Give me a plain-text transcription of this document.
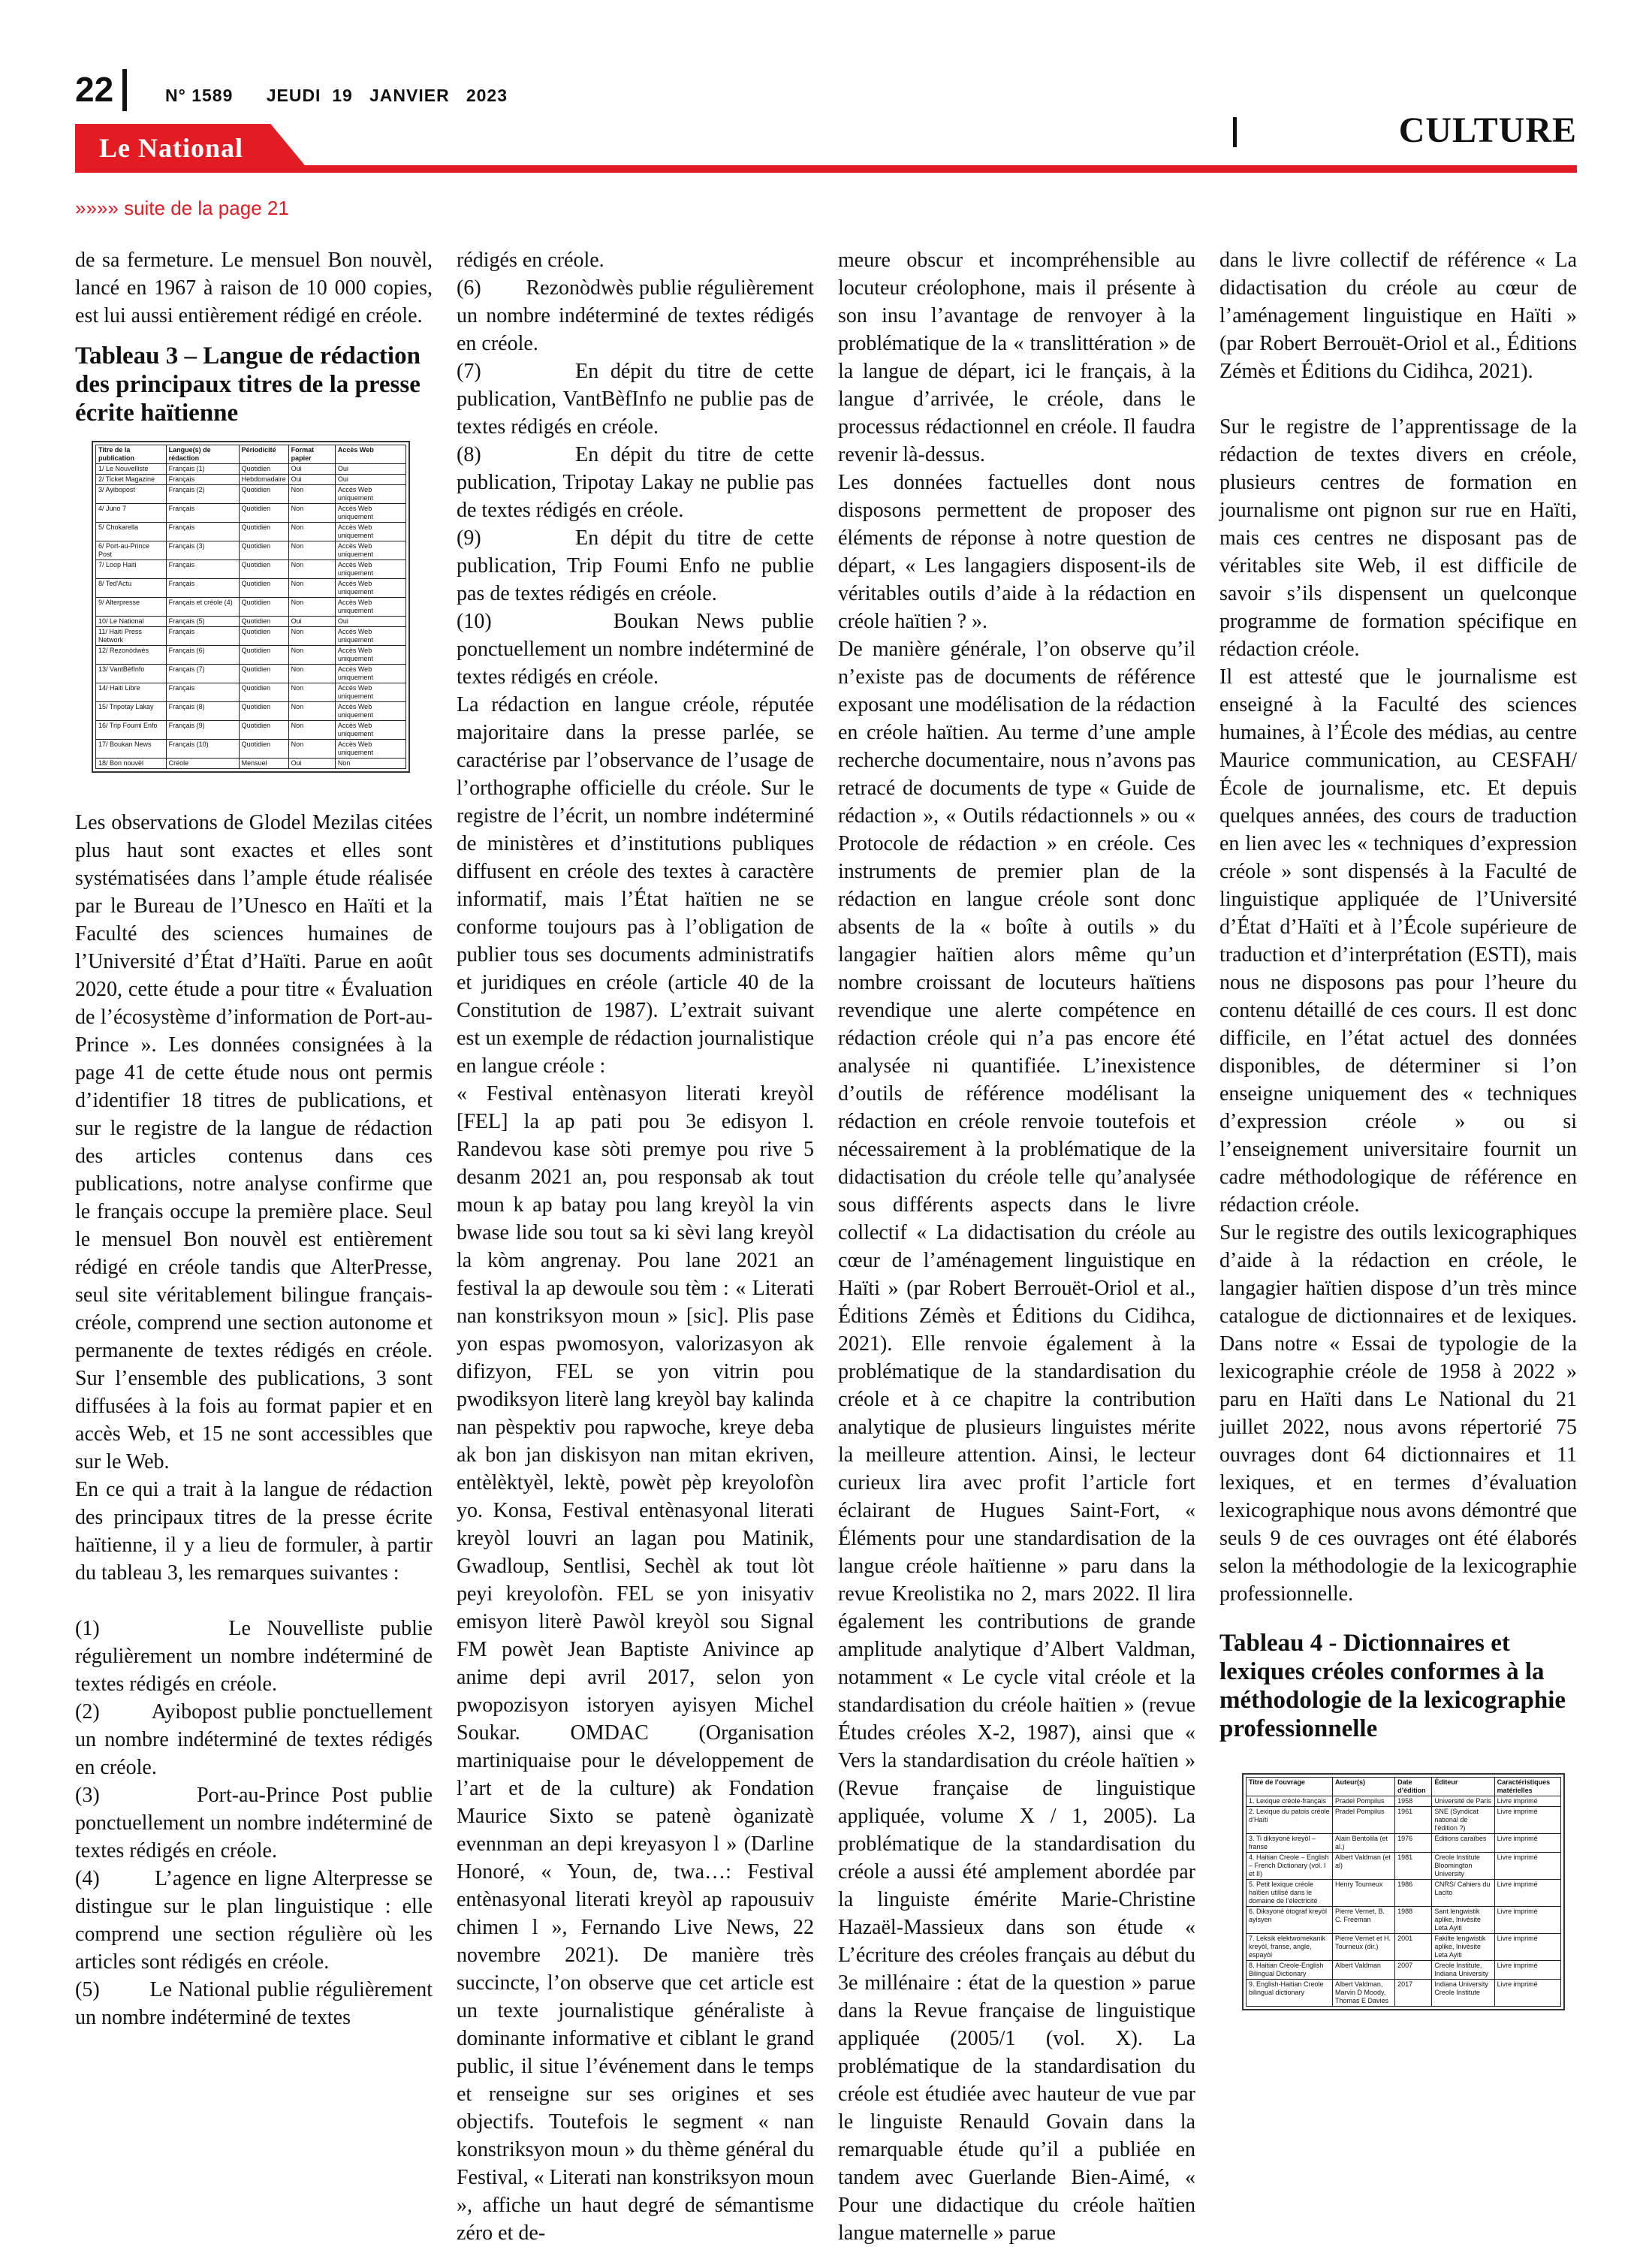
22	N° 1589      JEUDI  19   JANVIER   2023
Le National	CULTURE
»»»» suite de la page 21

de sa fermeture. Le mensuel Bon nouvèl, lancé en 1967 à raison de 10 000 copies, est lui aussi entièrement rédigé en créole.

Tableau 3 – Langue de rédaction des principaux titres de la presse écrite haïtienne

Titre de la publication	Langue(s) de rédaction	Périodicité	Format papier	Accès Web
1/ Le Nouvelliste	Français (1)	Quotidien	Oui	Oui
2/ Ticket Magazine	Français	Hebdomadaire	Oui	Oui
3/ Ayibopost	Français (2)	Quotidien	Non	Accès Web uniquement
4/ Juno 7	Français	Quotidien	Non	Accès Web uniquement
5/ Chokarella	Français	Quotidien	Non	Accès Web uniquement
6/ Port-au-Prince Post	Français (3)	Quotidien	Non	Accès Web uniquement
7/ Loop Haiti	Français	Quotidien	Non	Accès Web uniquement
8/ Ted'Actu	Français	Quotidien	Non	Accès Web uniquement
9/ Alterpresse	Français et créole (4)	Quotidien	Non	Accès Web uniquement
10/ Le National	Français (5)	Quotidien	Oui	Oui
11/ Haiti Press Network	Français	Quotidien	Non	Accès Web uniquement
12/ Rezonòdwès	Français (6)	Quotidien	Non	Accès Web uniquement
13/ VantBèfInfo	Français (7)	Quotidien	Non	Accès Web uniquement
14/ Haiti Libre	Français	Quotidien	Non	Accès Web uniquement
15/ Tripotay Lakay	Français (8)	Quotidien	Non	Accès Web uniquement
16/ Trip Foumi Enfo	Français (9)	Quotidien	Non	Accès Web uniquement
17/ Boukan News	Français (10)	Quotidien	Non	Accès Web uniquement
18/ Bon nouvèl	Créole	Mensuel	Oui	Non

Les observations de Glodel Mezilas citées plus haut sont exactes et elles sont systématisées dans l’ample étude réalisée par le Bureau de l’Unesco en Haïti et la Faculté des sciences humaines de l’Université d’État d’Haïti. Parue en août 2020, cette étude a pour titre « Évaluation de l’écosystème d’information de Port-au-Prince ». Les données consignées à la page 41 de cette étude nous ont permis d’identifier 18 titres de publications, et sur le registre de la langue de rédaction des articles contenus dans ces publications, notre analyse confirme que le français occupe la première place. Seul le mensuel Bon nouvèl est entièrement rédigé en créole tandis que AlterPresse, seul site véritablement bilingue français-créole, comprend une section autonome et permanente de textes rédigés en créole. Sur l’ensemble des publications, 3 sont diffusées à la fois au format papier et en accès Web, et 15 ne sont accessibles que sur le Web.

En ce qui a trait à la langue de rédaction des principaux titres de la presse écrite haïtienne, il y a lieu de formuler, à partir du tableau 3, les remarques suivantes :

(1)        Le Nouvelliste publie régulièrement un nombre indéterminé de textes rédigés en créole.

(2)        Ayibopost publie ponctuellement un nombre indéterminé de textes rédigés en créole.

(3)        Port-au-Prince Post publie ponctuellement un nombre indéterminé de textes rédigés en créole.

(4)        L’agence en ligne Alterpresse se distingue sur le plan linguistique : elle comprend une section régulière où les articles sont rédigés en créole.

(5)        Le National publie régulièrement un nombre indéterminé de textes

rédigés en créole.

(6)        Rezonòdwès publie régulièrement un nombre indéterminé de textes rédigés en créole.

(7)        En dépit du titre de cette publication, VantBèfInfo ne publie pas de textes rédigés en créole.

(8)        En dépit du titre de cette publication, Tripotay Lakay ne publie pas de textes rédigés en créole.

(9)        En dépit du titre de cette publication, Trip Foumi Enfo ne publie pas de textes rédigés en créole.

(10)       Boukan News publie ponctuellement un nombre indéterminé de textes rédigés en créole.

La rédaction en langue créole, réputée majoritaire dans la presse parlée, se caractérise par l’observance de l’usage de l’orthographe officielle du créole. Sur le registre de l’écrit, un nombre indéterminé de ministères et d’institutions publiques diffusent en créole des textes à caractère informatif, mais l’État haïtien ne se conforme toujours pas à l’obligation de publier tous ses documents administratifs et juridiques en créole (article 40 de la Constitution de 1987). L’extrait suivant est un exemple de rédaction journalistique en langue créole :

« Festival entènasyon literati kreyòl [FEL] la ap pati pou 3e edisyon l. Randevou kase sòti premye pou rive 5 desanm 2021 an, pou responsab ak tout moun k ap batay pou lang kreyòl la vin bwase lide sou tout sa ki sèvi lang kreyòl la kòm angrenay. Pou lane 2021 an festival la ap dewoule sou tèm : « Literati nan konstriksyon moun » [sic]. Plis pase yon espas pwomosyon, valorizasyon ak difizyon, FEL se yon vitrin pou pwodiksyon literè lang kreyòl bay kalinda nan pèspektiv pou rapwoche, kreye deba ak bon jan diskisyon nan mitan ekriven, entèlèktyèl, lektè, powèt pèp kreyolofòn yo. Konsa, Festival entènasyonal literati kreyòl louvri an lagan pou Matinik, Gwadloup, Sentlisi, Sechèl ak tout lòt peyi kreyolofòn. FEL se yon inisyativ emisyon literè Pawòl kreyòl sou Signal FM powèt Jean Baptiste Anivince ap anime depi avril 2017, selon yon pwopozisyon istoryen ayisyen Michel Soukar. OMDAC (Organisation martiniquaise pour le développement de l’art et de la culture) ak Fondation Maurice Sixto se patenè òganizatè evennman an depi kreyasyon l » (Darline Honoré, « Youn, de, twa…: Festival entènasyonal literati kreyòl ap rapousuiv chimen l », Fernando Live News, 22 novembre 2021). De manière très succincte, l’on observe que cet article est un texte journalistique généraliste à dominante informative et ciblant le grand public, il situe l’événement dans le temps et renseigne sur ses origines et ses objectifs. Toutefois le segment « nan konstriksyon moun » du thème général du Festival, « Literati nan konstriksyon moun », affiche un haut degré de sémantisme zéro et de-

meure obscur et incompréhensible au locuteur créolophone, mais il présente à son insu l’avantage de renvoyer à la problématique de la « translittération » de la langue de départ, ici le français, à la langue d’arrivée, le créole, dans le processus rédactionnel en créole. Il faudra revenir là-dessus.

Les données factuelles dont nous disposons permettent de proposer des éléments de réponse à notre question de départ, « Les langagiers disposent-ils de véritables outils d’aide à la rédaction en créole haïtien ? ».

De manière générale, l’on observe qu’il n’existe pas de documents de référence exposant une modélisation de la rédaction en créole haïtien. Au terme d’une ample recherche documentaire, nous n’avons pas retracé de documents de type « Guide de rédaction », « Outils rédactionnels » ou « Protocole de rédaction » en créole. Ces instruments de premier plan de la rédaction en langue créole sont donc absents de la « boîte à outils » du langagier haïtien alors même qu’un nombre croissant de locuteurs haïtiens revendique une alerte compétence en rédaction créole qui n’a pas encore été analysée ni quantifiée. L’inexistence d’outils de référence modélisant la rédaction en créole renvoie toutefois et nécessairement à la problématique de la didactisation du créole telle qu’analysée sous différents aspects dans le livre collectif « La didactisation du créole au cœur de l’aménagement linguistique en Haïti » (par Robert Berrouët-Oriol et al., Éditions Zémès et Éditions du Cidihca, 2021). Elle renvoie également à la problématique de la standardisation du créole et à ce chapitre la contribution analytique de plusieurs linguistes mérite la meilleure attention. Ainsi, le lecteur curieux lira avec profit l’article fort éclairant de Hugues Saint-Fort, « Éléments pour une standardisation de la langue créole haïtienne » paru dans la revue Kreolistika no 2, mars 2022. Il lira également les contributions de grande amplitude analytique d’Albert Valdman, notamment « Le cycle vital créole et la standardisation du créole haïtien » (revue Études créoles X-2, 1987), ainsi que « Vers la standardisation du créole haïtien » (Revue française de linguistique appliquée, volume X / 1, 2005). La problématique de la standardisation du créole a aussi été amplement abordée par la linguiste émérite Marie-Christine Hazaël-Massieux dans son étude « L’écriture des créoles français au début du 3e millénaire : état de la question » parue dans la Revue française de linguistique appliquée (2005/1 (vol. X). La problématique de la standardisation du créole est étudiée avec hauteur de vue par le linguiste Renauld Govain dans la remarquable étude qu’il a publiée en tandem avec Guerlande Bien-Aimé, « Pour une didactique du créole haïtien langue maternelle » parue

dans le livre collectif de référence « La didactisation du créole au cœur de l’aménagement linguistique en Haïti » (par Robert Berrouët-Oriol et al., Éditions Zémès et Éditions du Cidihca, 2021).

Sur le registre de l’apprentissage de la rédaction de textes divers en créole, plusieurs centres de formation en journalisme ont pignon sur rue en Haïti, mais ces centres ne disposant pas de véritables site Web, il est difficile de savoir s’ils dispensent un quelconque programme de formation spécifique en rédaction créole.

Il est attesté que le journalisme est enseigné à la Faculté des sciences humaines, à l’École des médias, au centre Maurice communication, au CESFAH/École de journalisme, etc. Et depuis quelques années, des cours de traduction en lien avec les « techniques d’expression créole » sont dispensés à la Faculté de linguistique appliquée de l’Université d’État d’Haïti et à l’École supérieure de traduction et d’interprétation (ESTI), mais nous ne disposons pas pour l’heure du contenu détaillé de ces cours. Il est donc difficile, en l’état actuel des données disponibles, de déterminer si l’on enseigne uniquement des « techniques d’expression créole » ou si l’enseignement universitaire fournit un cadre méthodologique de référence en rédaction créole.

Sur le registre des outils lexicographiques d’aide à la rédaction en créole, le langagier haïtien dispose d’un très mince catalogue de dictionnaires et de lexiques. Dans notre « Essai de typologie de la lexicographie créole de 1958 à 2022 » paru en Haïti dans Le National du 21 juillet 2022, nous avons répertorié 75 ouvrages dont 64 dictionnaires et 11 lexiques, et en termes d’évaluation lexicographique nous avons démontré que seuls 9 de ces ouvrages ont été élaborés selon la méthodologie de la lexicographie professionnelle.

Tableau 4 - Dictionnaires et lexiques créoles conformes à la méthodologie de la lexicographie professionnelle

Titre de l’ouvrage	Auteur(s)	Date d’édition	Éditeur	Caractéristiques matérielles
1. Lexique créole-français	Pradel Pompilus	1958	Université de Paris	Livre imprimé
2. Lexique du patois créole d’Haïti	Pradel Pompilus	1961	SNE (Syndicat national de l’édition ?)	Livre imprimé
3. Ti diksyonè kreyòl – franse	Alain Bentolila (et al.)	1976	Éditions caraïbes	Livre imprimé
4. Haitian Creole – English – French Dictionary (vol. I et II)	Albert Valdman (et al)	1981	Creole Institute Bloomington University	Livre imprimé
5. Petit lexique créole haïtien utilisé dans le domaine de l’électricité	Henry Tourneux	1986	CNRS/ Cahiers du Lacito	Livre imprimé
6. Diksyonè òtograf kreyòl ayisyen	Pierre Vernet, B. C. Freeman	1988	Sant lengwistik aplike, Inivèsite Leta Ayiti	Livre imprimé
7. Leksik elektwomekanik kreyòl, franse, angle, espayòl	Pierre Vernet et H. Tourneux (dir.)	2001	Fakilte lengwistik aplike, Inivèsite Leta Ayiti	Livre imprimé
8. Haitian Creole-English Bilingual Dictionary	Albert Valdman	2007	Creole Institute, Indiana University	Livre imprimé
9. English-Haitian Creole bilingual dictionary	Albert Valdman, Marvin D Moody, Thomas E Davies	2017	Indiana University Creole Institute	Livre imprimé
